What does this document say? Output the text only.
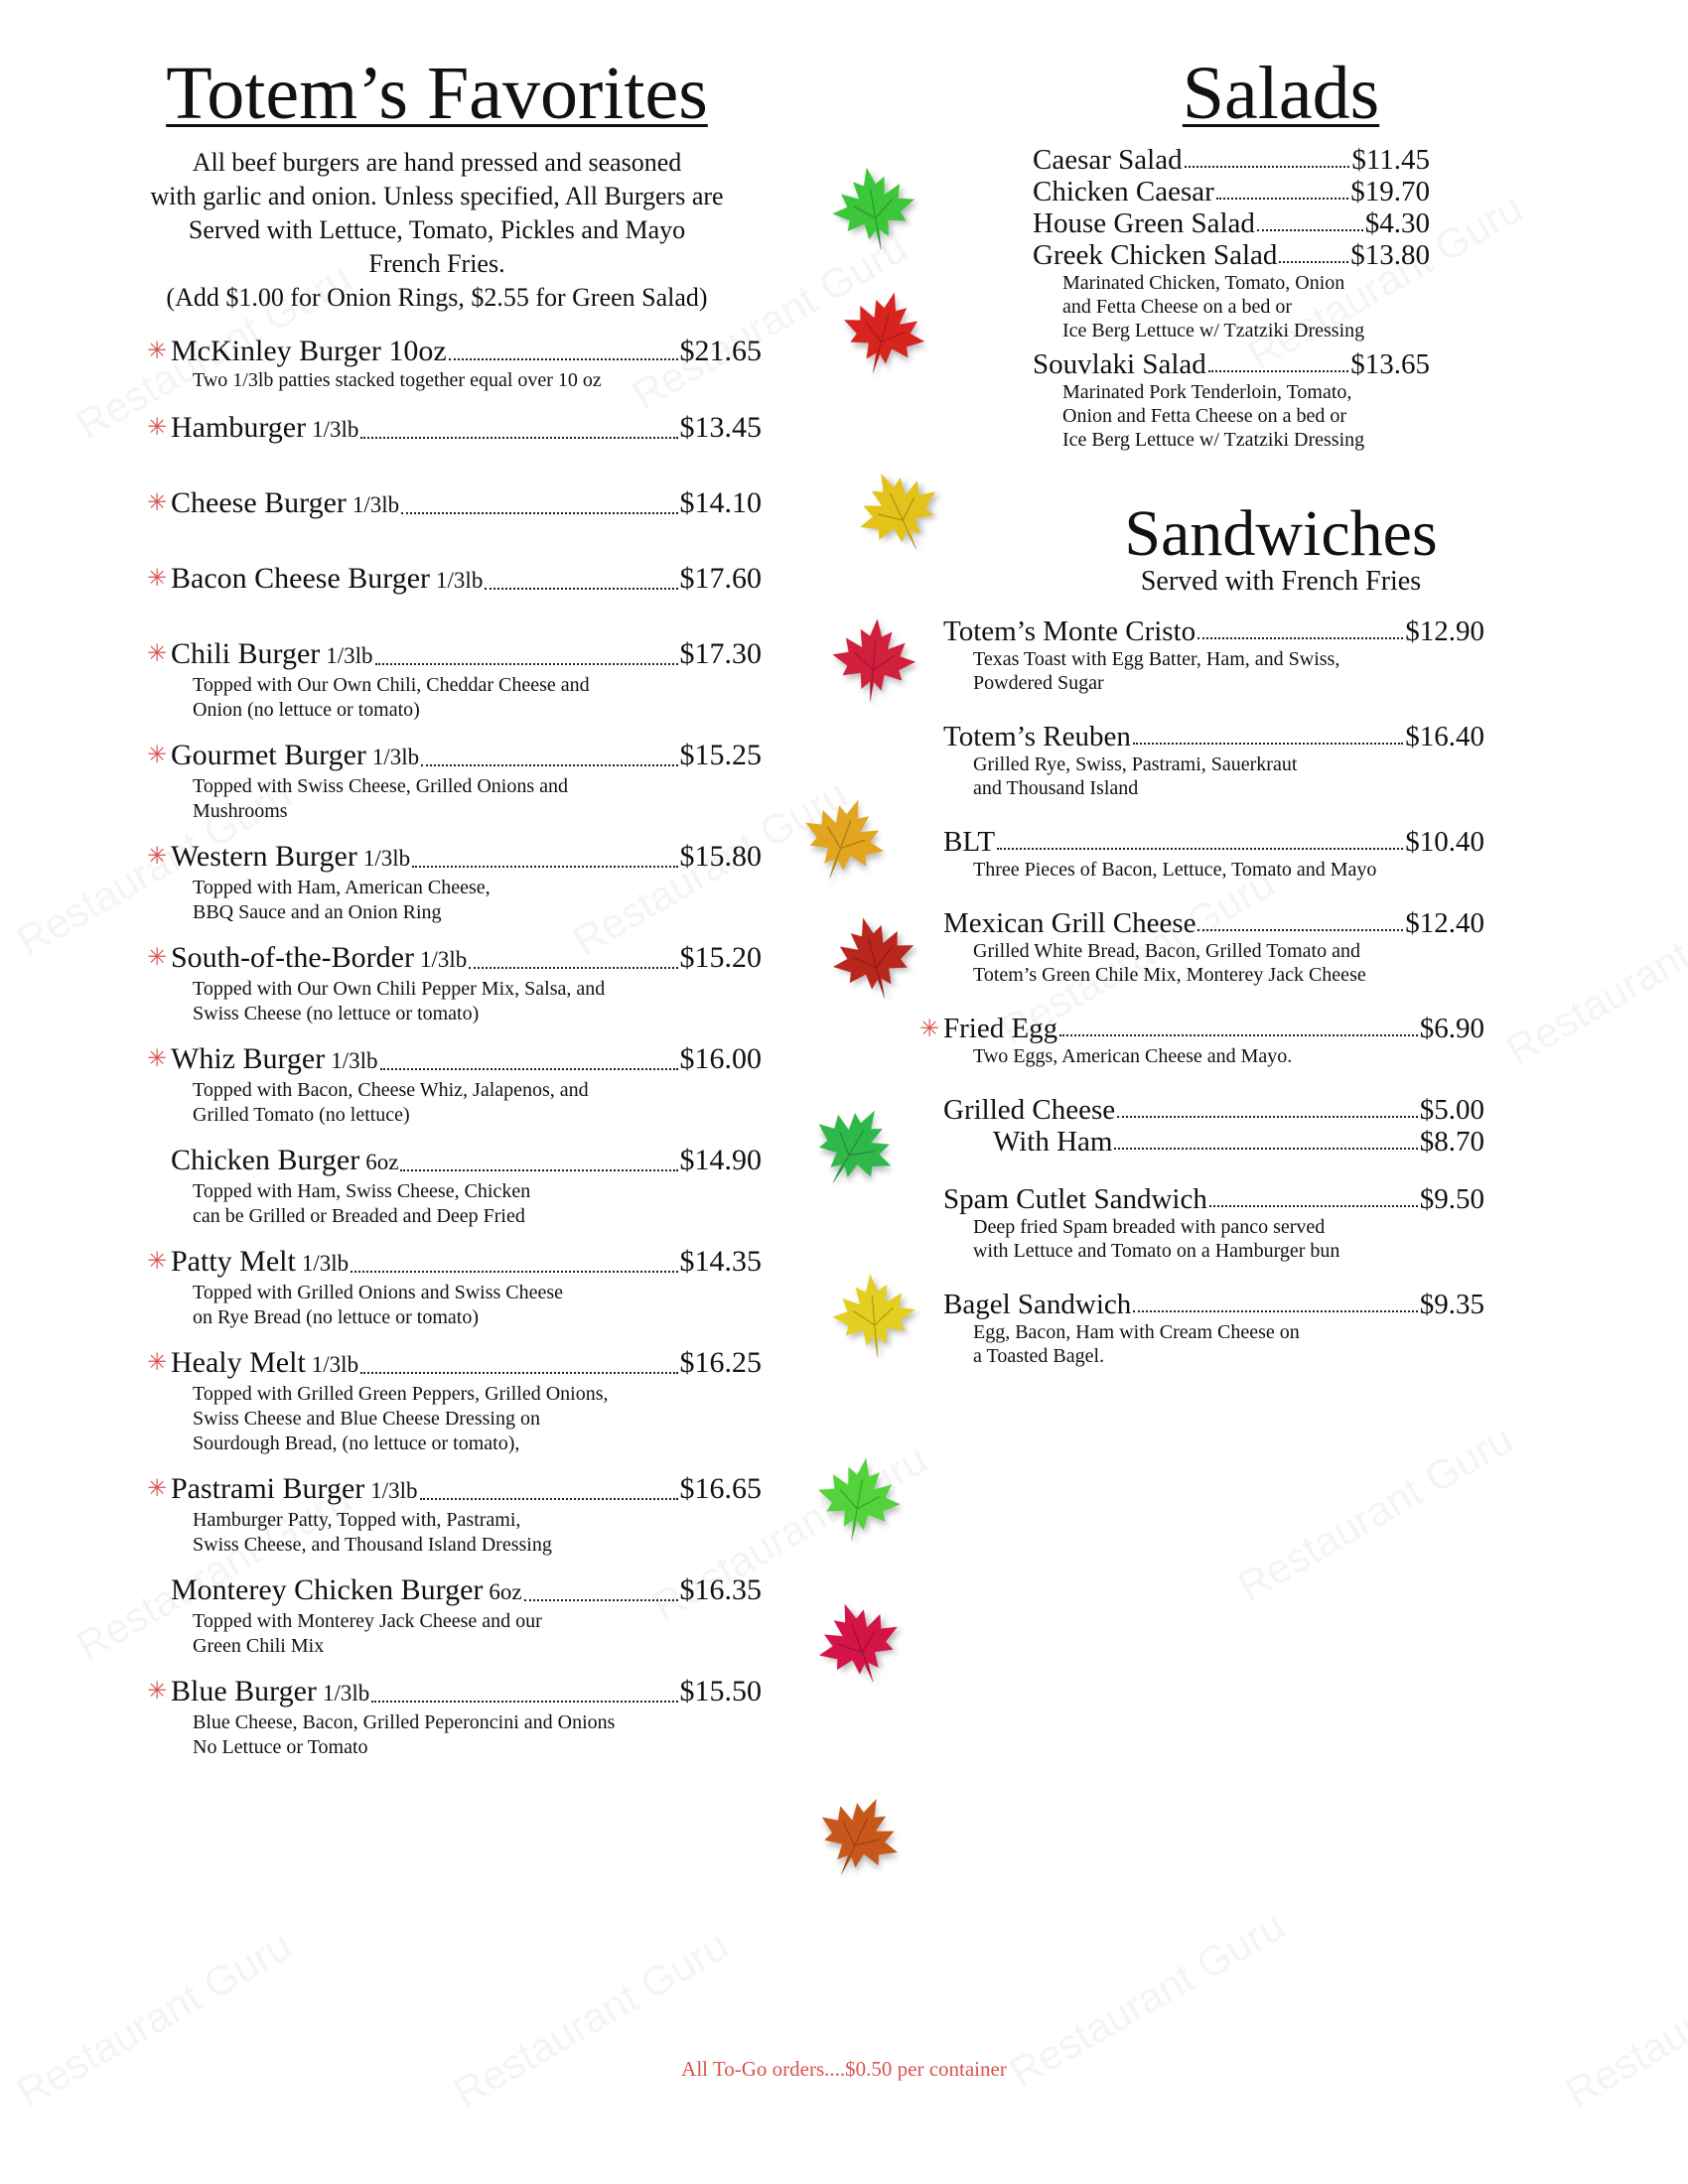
Totem’s Favorites
All beef burgers are hand pressed and seasoned
with garlic and onion. Unless specified, All Burgers are
Served with Lettuce, Tomato, Pickles and Mayo
French Fries.
(Add $1.00 for Onion Rings, $2.55 for Green Salad)
✳ McKinley Burger 10oz	$21.65
Two 1/3lb patties stacked together equal over 10 oz
✳ Hamburger 1/3lb	$13.45
✳ Cheese Burger 1/3lb	$14.10
✳ Bacon Cheese Burger 1/3lb	$17.60
✳ Chili Burger 1/3lb	$17.30
Topped with Our Own Chili, Cheddar Cheese and
Onion (no lettuce or tomato)
✳ Gourmet Burger 1/3lb	$15.25
Topped with Swiss Cheese, Grilled Onions and
Mushrooms
✳ Western Burger 1/3lb	$15.80
Topped with Ham, American Cheese,
BBQ Sauce and an Onion Ring
✳ South-of-the-Border 1/3lb	$15.20
Topped with Our Own Chili Pepper Mix, Salsa, and
Swiss Cheese (no lettuce or tomato)
✳ Whiz Burger 1/3lb	$16.00
Topped with Bacon, Cheese Whiz, Jalapenos, and
Grilled Tomato (no lettuce)
Chicken Burger 6oz	$14.90
Topped with Ham, Swiss Cheese, Chicken
can be Grilled or Breaded and Deep Fried
✳ Patty Melt 1/3lb	$14.35
Topped with Grilled Onions and Swiss Cheese
on Rye Bread (no lettuce or tomato)
✳ Healy Melt 1/3lb	$16.25
Topped with Grilled Green Peppers, Grilled Onions,
Swiss Cheese and Blue Cheese Dressing on
Sourdough Bread, (no lettuce or tomato),
✳ Pastrami Burger 1/3lb	$16.65
Hamburger Patty, Topped with, Pastrami,
Swiss Cheese, and Thousand Island Dressing
Monterey Chicken Burger 6oz	$16.35
Topped with Monterey Jack Cheese and our
Green Chili Mix
✳ Blue Burger 1/3lb	$15.50
Blue Cheese, Bacon, Grilled Peperoncini and Onions
No Lettuce or Tomato
Salads
Caesar Salad	$11.45
Chicken Caesar	$19.70
House Green Salad	$4.30
Greek Chicken Salad	$13.80
Marinated Chicken, Tomato, Onion
and Fetta Cheese on a bed or
Ice Berg Lettuce w/ Tzatziki Dressing
Souvlaki Salad	$13.65
Marinated Pork Tenderloin, Tomato,
Onion and Fetta Cheese on a bed or
Ice Berg Lettuce w/ Tzatziki Dressing
Sandwiches
Served with French Fries
Totem’s Monte Cristo	$12.90
Texas Toast with Egg Batter, Ham, and Swiss,
Powdered Sugar
Totem’s Reuben	$16.40
Grilled Rye, Swiss, Pastrami, Sauerkraut
and Thousand Island
BLT	$10.40
Three Pieces of Bacon, Lettuce, Tomato and Mayo
Mexican Grill Cheese	$12.40
Grilled White Bread, Bacon, Grilled Tomato and
Totem’s Green Chile Mix, Monterey Jack Cheese
✳ Fried Egg	$6.90
Two Eggs, American Cheese and Mayo.
Grilled Cheese	$5.00
With Ham	$8.70
Spam Cutlet Sandwich	$9.50
Deep fried Spam breaded with panco served
with Lettuce and Tomato on a Hamburger bun
Bagel Sandwich	$9.35
Egg, Bacon, Ham with Cream Cheese on
a Toasted Bagel.
All To-Go orders....$0.50 per container
